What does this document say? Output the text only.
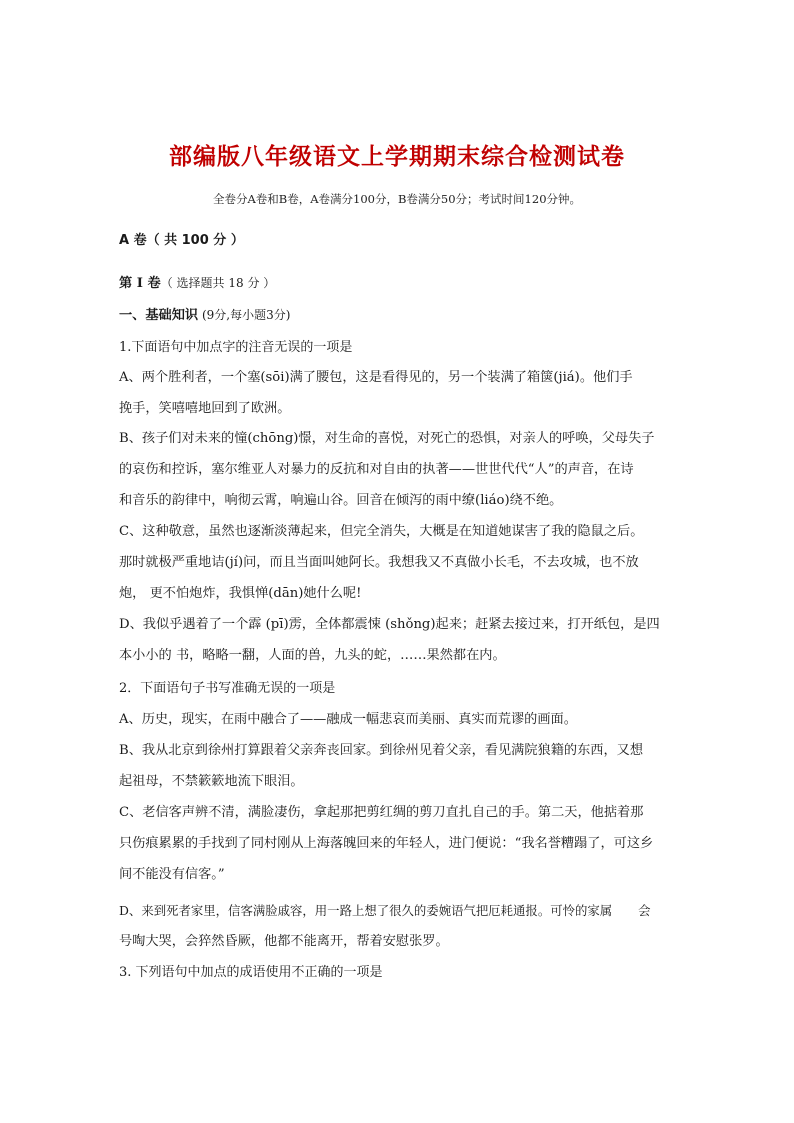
部编版八年级语文上学期期末综合检测试卷
全卷分A卷和B卷，A卷满分100分，B卷满分50分；考试时间120分钟。
A 卷（ 共 100 分 ）
第 I 卷（ 选择题共 18 分 ）
一、基础知识 (9分,每小题3分)
1.下面语句中加点字的注音无误的一项是
A、两个胜利者，一个塞(sōi)满了腰包，这是看得见的，另一个装满了箱箧(jiá)。他们手
挽手，笑嘻嘻地回到了欧洲。
B、孩子们对未来的憧(chōng)憬，对生命的喜悦，对死亡的恐惧，对亲人的呼唤，父母失子
的哀伤和控诉，塞尔维亚人对暴力的反抗和对自由的执著——世世代代“人”的声音，在诗
和音乐的韵律中，响彻云霄，响遍山谷。回音在倾泻的雨中缭(liáo)绕不绝。
C、这种敬意，虽然也逐渐淡薄起来，但完全消失，大概是在知道她谋害了我的隐鼠之后。
那时就极严重地诘(jí)问，而且当面叫她阿长。我想我又不真做小长毛，不去攻城，也不放
炮， 更不怕炮炸，我惧惮(dān)她什么呢!
D、我似乎遇着了一个霹 (pī)雳，全体都震悚 (shǒng)起来；赶紧去接过来，打开纸包，是四
本小小的 书，略略一翻，人面的兽，九头的蛇，……果然都在内。
2．下面语句子书写准确无误的一项是
A、历史，现实，在雨中融合了——融成一幅悲哀而美丽、真实而荒谬的画面。
B、我从北京到徐州打算跟着父亲奔丧回家。到徐州见着父亲，看见满院狼籍的东西，又想
起祖母，不禁簌簌地流下眼泪。
C、老信客声辨不清，满脸凄伤，拿起那把剪红绸的剪刀直扎自己的手。第二天，他掂着那
只伤痕累累的手找到了同村刚从上海落魄回来的年轻人，进门便说：“我名誉糟蹋了，可这乡
间不能没有信客。”
D、来到死者家里，信客满脸戚容，用一路上想了很久的委婉语气把厄耗通报。可怜的家属 会
号啕大哭，会猝然昏厥，他都不能离开，帮着安慰张罗。
3. 下列语句中加点的成语使用不正确的一项是
